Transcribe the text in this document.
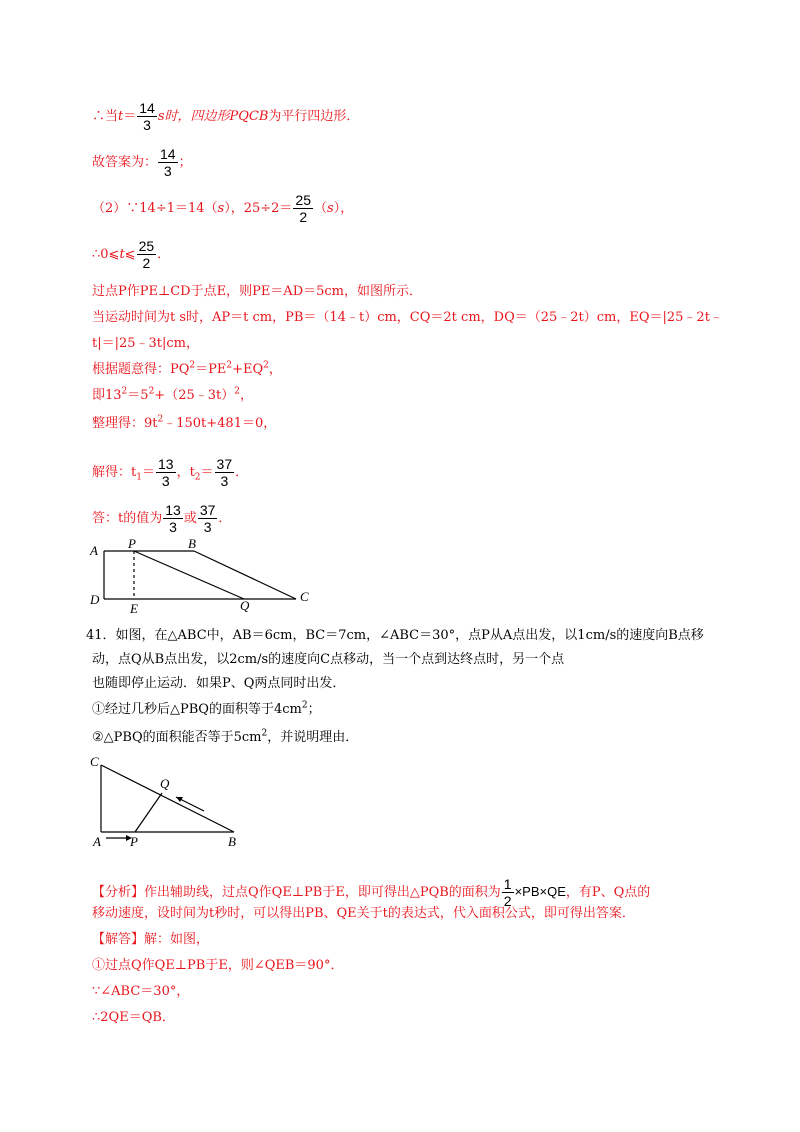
∴当$t= \frac{14}{3}$ s时，四边形PQCB为平行四边形．
故答案为： $\frac{14}{3}$ ；
（2）∵14÷1＝14（s），$25\div 2= \frac{25}{2} (s)$，
∴0⩽t⩽ $\frac{25}{2}$ ．
过点P作PE⊥CD于点E，则PE＝AD＝5cm，如图所示．
当运动时间为t s时，AP＝t cm，PB＝（14﹣t）cm，CQ＝2t cm，DQ＝（25﹣2t）cm，EQ＝|25﹣2t﹣
t|＝|25﹣3t|cm，
根据题意得：$PQ^2=PE^2+EQ^2$，
即$13^2=5^2+(25﹣3t)^2$，
整理得：$9t^2﹣150t+481=0$，
解得：$t_1= \frac{13}{3}$ ，$t_2= \frac{37}{3}$ ．
答：t的值为 $\frac{13}{3}$ 或 $\frac{37}{3}$ ．
A P	B
D
E	Q
C
41．如图，在△ABC中，AB＝6cm，BC＝7cm，∠ABC＝30°，点P从A点出发，以1cm/s的速度向B点移
动，点Q从B点出发，以2cm/s的速度向C点移动，当一个点到达终点时，另一个点
也随即停止运动．如果P、Q两点同时出发．
①经过几秒后△PBQ的面积等于$4cm^2$；
②△PBQ的面积能否等于$5cm^2$，并说明理由．
C
Q
A P	B
【分析】作出辅助线，过点Q作QE⊥PB于E，即可得出△PQB的面积为 $\frac{1}{2} \times PB\times QE$，有P、Q点的
移动速度，设时间为t秒时，可以得出PB、QE关于t的表达式，代入面积公式，即可得出答案．
【解答】解：如图，
①过点Q作QE⊥PB于E，则∠QEB＝90°．
∵∠ABC＝30°，
∴2QE＝QB．
